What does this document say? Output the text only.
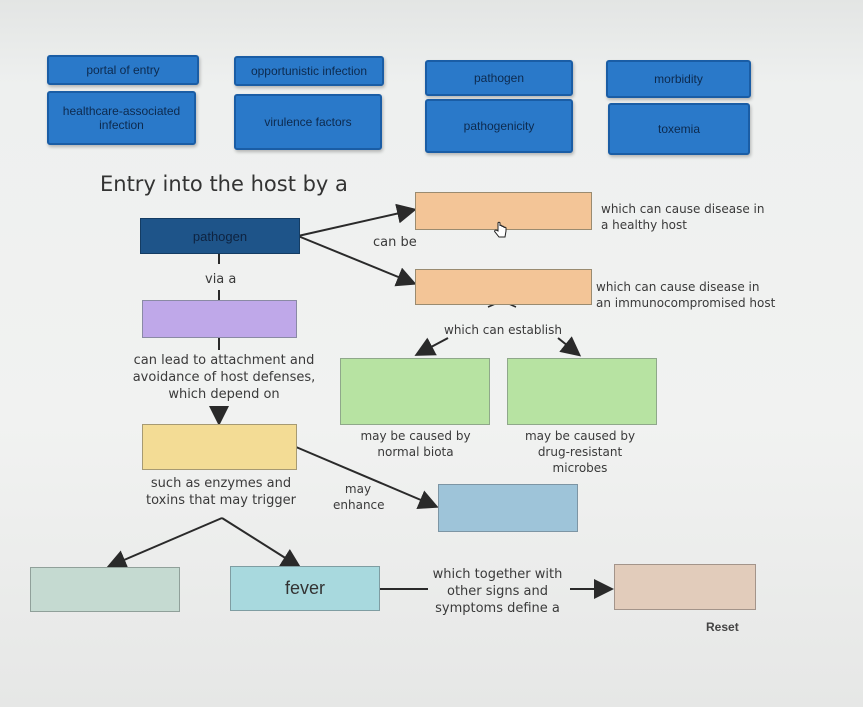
portal of entry	opportunistic infection	pathogen	morbidity
healthcare-associated infection	virulence factors	pathogenicity	toxemia
Entry into the host by a
pathogen
fever
can be
via a
which can cause disease in a healthy host
which can cause disease in an immunocompromised host
which can establish
can lead to attachment and avoidance of host defenses, which depend on
may be caused by normal biota
may be caused by drug-resistant microbes
such as enzymes and toxins that may trigger
may enhance
which together with other signs and symptoms define a
Reset
